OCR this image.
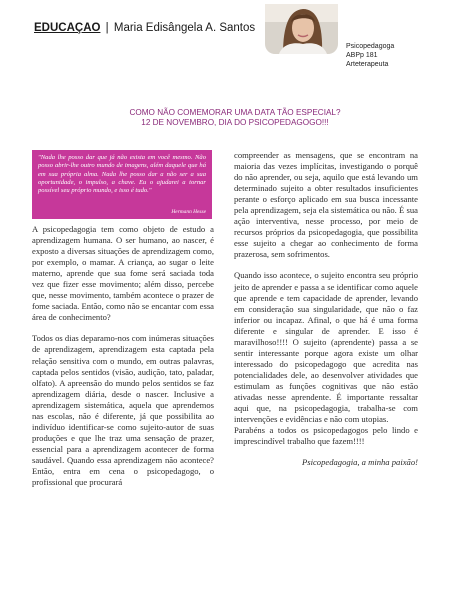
EDUCAÇÃO | Maria Edisângela A. Santos
Psicopedagoga
ABPp 181
Arteterapeuta
COMO NÃO COMEMORAR UMA DATA TÃO ESPECIAL?
12 DE NOVEMBRO, DIA DO PSICOPEDAGOGO!!!

"Nada lhe posso dar que já não exista em você mesmo. Não posso abrir-lhe outro mundo de imagens, além daquele que há em sua própria alma. Nada lhe posso dar a não ser a sua oportunidade, o impulso, a chave. Eu o ajudarei a tornar possível seu próprio mundo, e isso é tudo."

Hermann Hesse

A psicopedagogia tem como objeto de estudo a aprendizagem humana. O ser humano, ao nascer, é exposto a diversas situações de aprendizagem como, por exemplo, o mamar. A criança, ao sugar o leite materno, aprende que sua fome será saciada toda vez que fizer esse movimento; além disso, percebe que, nesse movimento, também acontece o prazer de fome saciada. Então, como não se encantar com essa área de conhecimento?

Todos os dias deparamo-nos com inúmeras situações de aprendizagem, aprendizagem esta captada pela relação sensitiva com o mundo, em outras palavras, captada pelos sentidos (visão, audição, tato, paladar, olfato). A apreensão do mundo pelos sentidos se faz aprendizagem diária, desde o nascer. Inclusive a aprendizagem sistemática, aquela que aprendemos nas escolas, não é diferente, já que possibilita ao indivíduo identificar-se como sujeito-autor de suas produções e que lhe traz uma sensação de prazer, essencial para a aprendizagem acontecer de forma saudável. Quando essa aprendizagem não acontece? Então, entra em cena o psicopedagogo, o profissional que procurará

compreender as mensagens, que se encontram na maioria das vezes implícitas, investigando o porquê do não aprender, ou seja, aquilo que está levando um determinado sujeito a obter resultados insuficientes perante o esforço aplicado em sua busca incessante pela aprendizagem, seja ela sistemática ou não. É sua ação interventiva, nesse processo, por meio de recursos próprios da psicopedagogia, que possibilita esse sujeito a chegar ao conhecimento de forma prazerosa, sem sofrimentos.

Quando isso acontece, o sujeito encontra seu próprio jeito de aprender e passa a se identificar como aquele que aprende e tem capacidade de aprender, levando em consideração sua singularidade, que não o faz inferior ou incapaz. Afinal, o que há é uma forma diferente e singular de aprender. E isso é maravilhoso!!!! O sujeito (aprendente) passa a se sentir interessante porque agora existe um olhar interessado do psicopedagogo que acredita nas potencialidades dele, ao desenvolver atividades que estimulam as funções cognitivas que não estão ativadas nesse aprendente. É importante ressaltar aqui que, na psicopedagogia, trabalha-se com intervenções e evidências e não com utopias.

Parabéns a todos os psicopedagogos pelo lindo e imprescindível trabalho que fazem!!!!

Psicopedagogia, a minha paixão!
